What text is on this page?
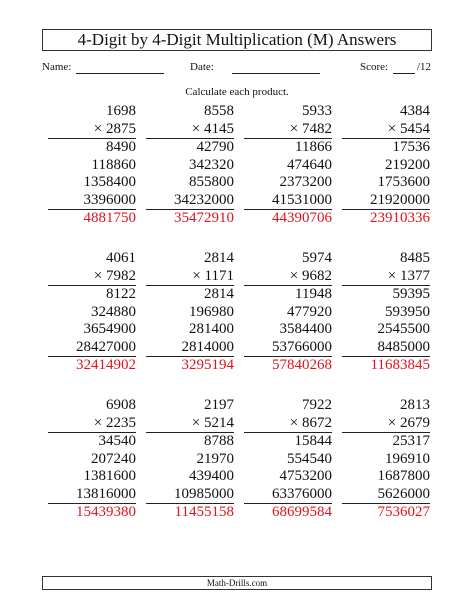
4-Digit by 4-Digit Multiplication (M) Answers
Name:	Date:	Score:	/12
Calculate each product.
1698
× 2875
8490
118860
1358400
3396000
4881750
8558
× 4145
42790
342320
855800
34232000
35472910
5933
× 7482
11866
474640
2373200
41531000
44390706
4384
× 5454
17536
219200
1753600
21920000
23910336
4061
× 7982
8122
324880
3654900
28427000
32414902
2814
× 1171
2814
196980
281400
2814000
3295194
5974
× 9682
11948
477920
3584400
53766000
57840268
8485
× 1377
59395
593950
2545500
8485000
11683845
6908
× 2235
34540
207240
1381600
13816000
15439380
2197
× 5214
8788
21970
439400
10985000
11455158
7922
× 8672
15844
554540
4753200
63376000
68699584
2813
× 2679
25317
196910
1687800
5626000
7536027
Math-Drills.com
